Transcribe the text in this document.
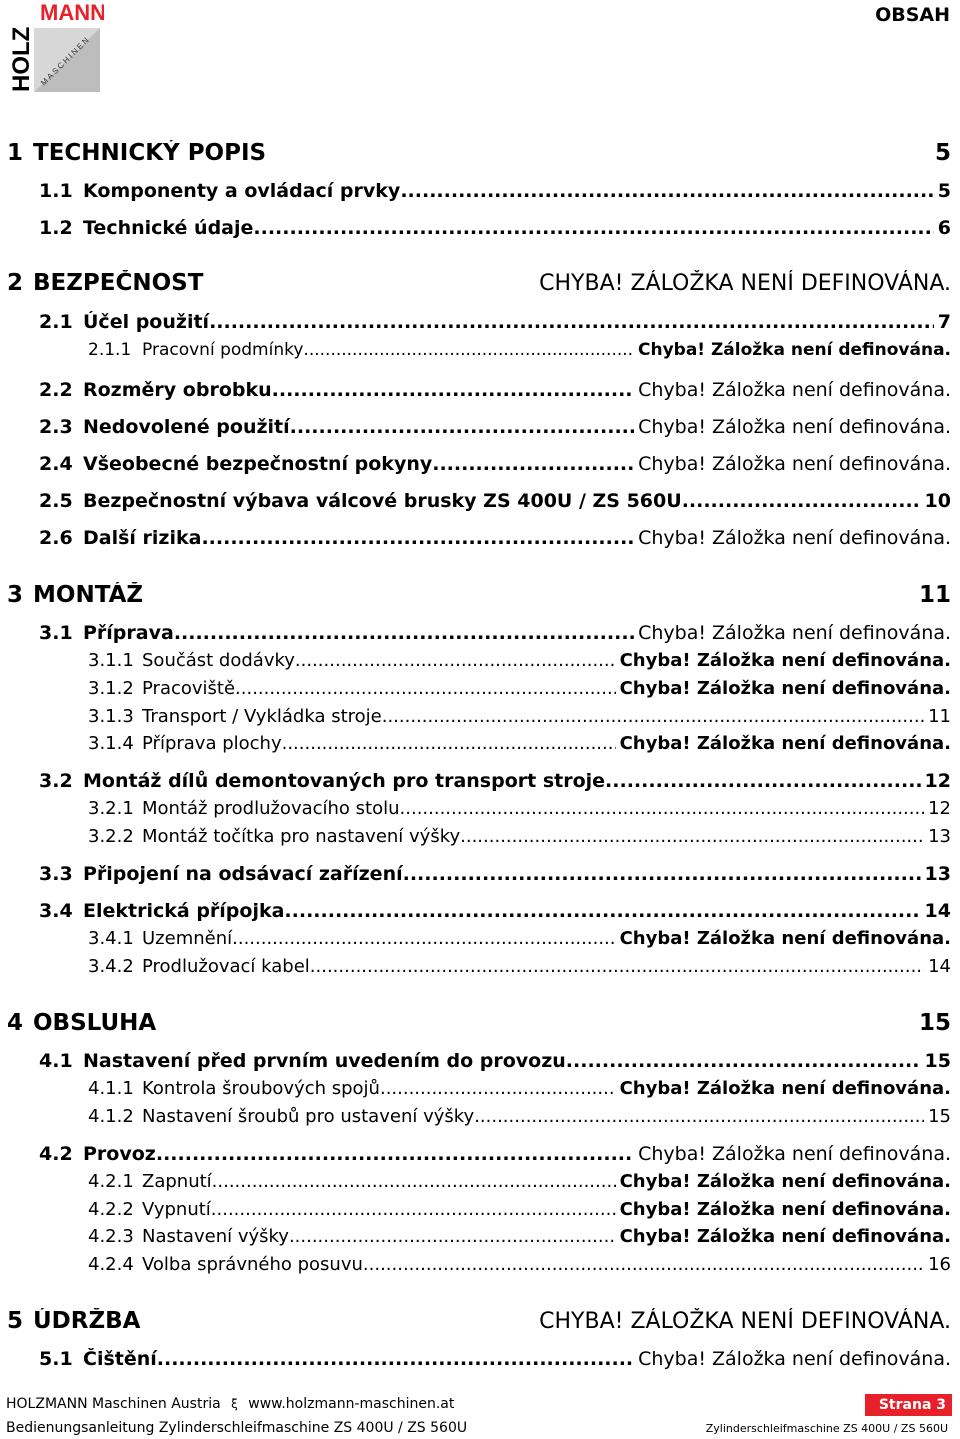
MANN
HOLZ MASCHINEN
OBSAH
1 TECHNICKÝ POPIS	5
1.1 Komponenty a ovládací prvky .....	5
1.2 Technické údaje .....	6
2 BEZPEČNOST	CHYBA! ZÁLOŽKA NENÍ DEFINOVÁNA.
2.1 Účel použití .....	7
2.1.1 Pracovní podmínky .....	Chyba! Záložka není definována.
2.2 Rozměry obrobku .....	Chyba! Záložka není definována.
2.3 Nedovolené použití .....	Chyba! Záložka není definována.
2.4 Všeobecné bezpečnostní pokyny .....	Chyba! Záložka není definována.
2.5 Bezpečnostní výbava válcové brusky ZS 400U / ZS 560U .....	10
2.6 Další rizika .....	Chyba! Záložka není definována.
3 MONTÁŽ	11
3.1 Příprava .....	Chyba! Záložka není definována.
3.1.1 Součást dodávky .....	Chyba! Záložka není definována.
3.1.2 Pracoviště .....	Chyba! Záložka není definována.
3.1.3 Transport / Vykládka stroje .....	11
3.1.4 Příprava plochy .....	Chyba! Záložka není definována.
3.2 Montáž dílů demontovaných pro transport stroje .....	12
3.2.1 Montáž prodlužovacího stolu .....	12
3.2.2 Montáž točítka pro nastavení výšky .....	13
3.3 Připojení na odsávací zařízení .....	13
3.4 Elektrická přípojka .....	14
3.4.1 Uzemnění .....	Chyba! Záložka není definována.
3.4.2 Prodlužovací kabel .....	14
4 OBSLUHA	15
4.1 Nastavení před prvním uvedením do provozu .....	15
4.1.1 Kontrola šroubových spojů .....	Chyba! Záložka není definována.
4.1.2 Nastavení šroubů pro ustavení výšky .....	15
4.2 Provoz .....	Chyba! Záložka není definována.
4.2.1 Zapnutí .....	Chyba! Záložka není definována.
4.2.2 Vypnutí .....	Chyba! Záložka není definována.
4.2.3 Nastavení výšky .....	Chyba! Záložka není definována.
4.2.4 Volba správného posuvu .....	16
5 ÚDRŽBA	CHYBA! ZÁLOŽKA NENÍ DEFINOVÁNA.
5.1 Čištění .....	Chyba! Záložka není definována.
HOLZMANN Maschinen Austria ξ www.holzmann-maschinen.at	Strana 3
Bedienungsanleitung Zylinderschleifmaschine ZS 400U / ZS 560U	Zylinderschleifmaschine ZS 400U / ZS 560U
